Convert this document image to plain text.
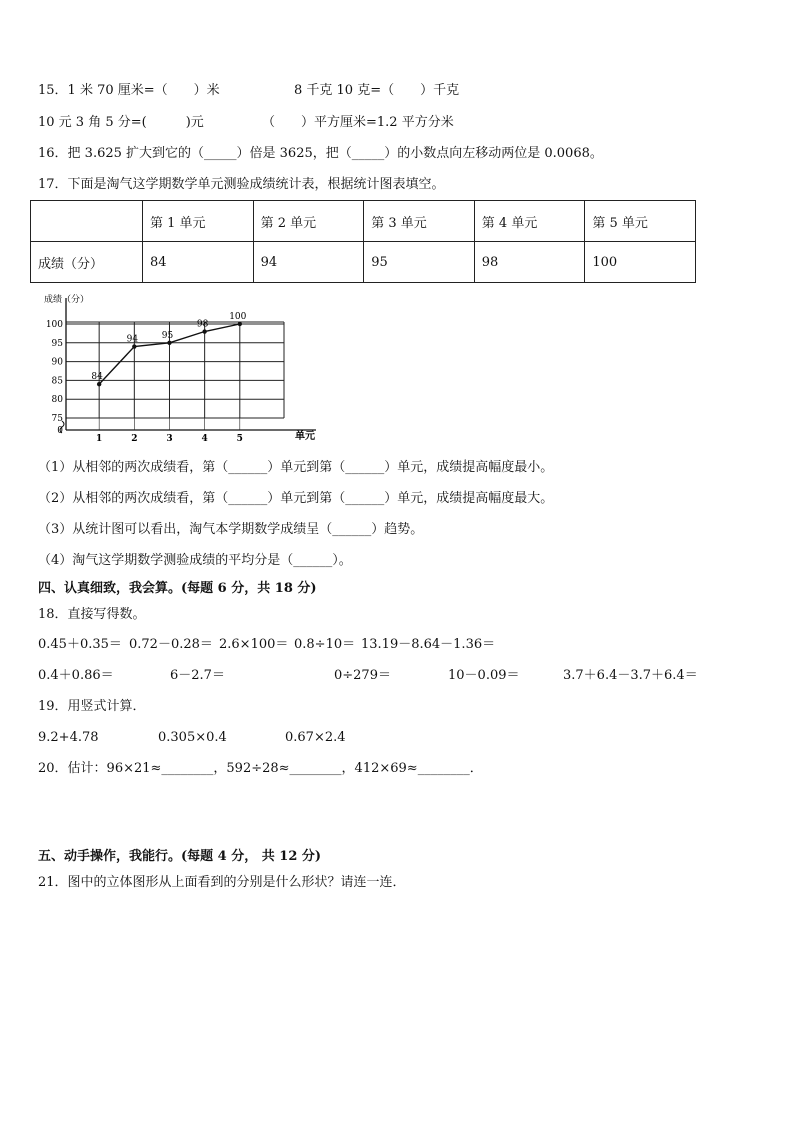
15．1 米 70 厘米=（　　）米	8 千克 10 克=（　　）千克
10 元 3 角 5 分=(　　　)元	（　　）平方厘米=1.2 平方分米
16．把 3.625 扩大到它的（_____）倍是 3625，把（_____）的小数点向左移动两位是 0.0068。
17．下面是淘气这学期数学单元测验成绩统计表，根据统计图表填空。
	第 1 单元	第 2 单元	第 3 单元	第 4 单元	第 5 单元
成绩（分）	84	94	95	98	100
0
75
80
85
90
95
100
1	2	3	4	5
84
94	95
98
100
成绩（分）
单元
（1）从相邻的两次成绩看，第（______）单元到第（______）单元，成绩提高幅度最小。
（2）从相邻的两次成绩看，第（______）单元到第（______）单元，成绩提高幅度最大。
（3）从统计图可以看出，淘气本学期数学成绩呈（______）趋势。
（4）淘气这学期数学测验成绩的平均分是（______）。
四、认真细致，我会算。(每题 6 分，共 18 分)
18．直接写得数。
0.45＋0.35＝ 0.72－0.28＝ 2.6×100＝ 0.8÷10＝ 13.19－8.64－1.36＝
0.4＋0.86＝	6－2.7＝	0÷279＝	10－0.09＝	3.7＋6.4－3.7＋6.4＝
19．用竖式计算．
9.2+4.78	0.305×0.4	0.67×2.4
20．估计：96×21≈________，592÷28≈________，412×69≈________．
五、动手操作，我能行。(每题 4 分， 共 12 分)
21．图中的立体图形从上面看到的分别是什么形状？请连一连．
